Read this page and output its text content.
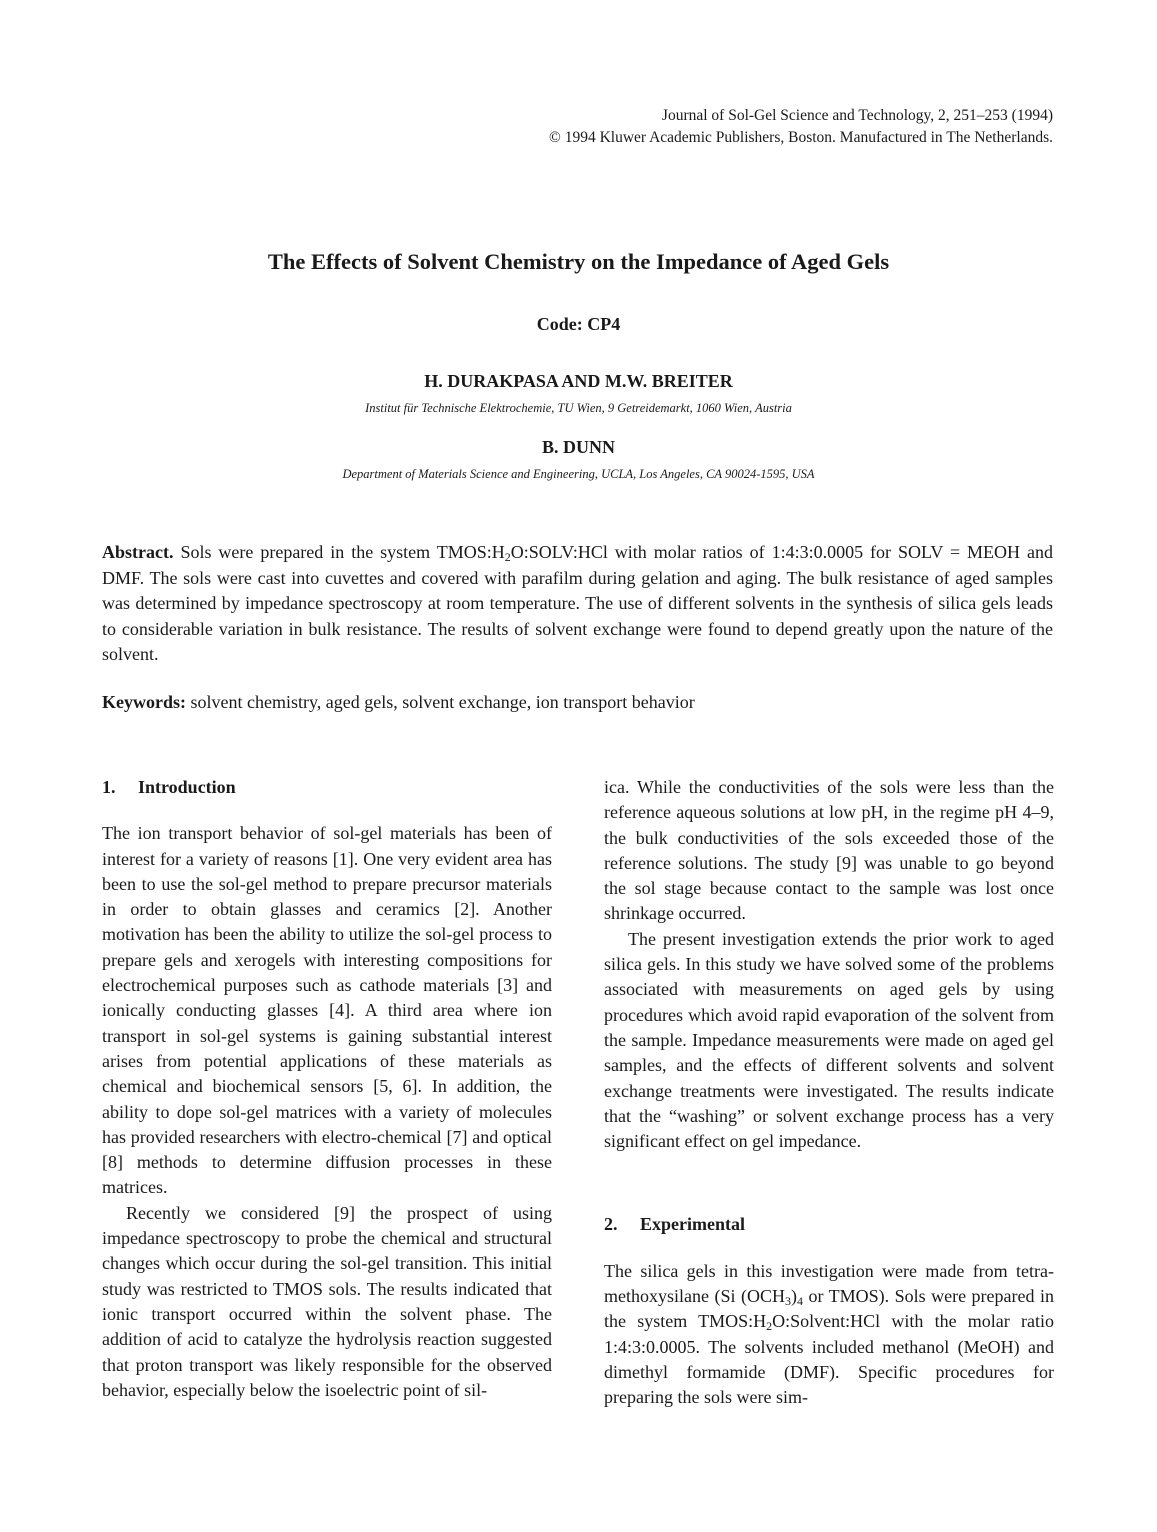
Journal of Sol-Gel Science and Technology, 2, 251–253 (1994)
© 1994 Kluwer Academic Publishers, Boston. Manufactured in The Netherlands.
The Effects of Solvent Chemistry on the Impedance of Aged Gels
Code: CP4
H. DURAKPASA AND M.W. BREITER
Institut für Technische Elektrochemie, TU Wien, 9 Getreidemarkt, 1060 Wien, Austria
B. DUNN
Department of Materials Science and Engineering, UCLA, Los Angeles, CA 90024-1595, USA
Abstract. Sols were prepared in the system $TMOS:H_2O:SOLV:HCl$ with molar ratios of 1:4:3:0.0005 for SOLV = MEOH and DMF. The sols were cast into cuvettes and covered with parafilm during gelation and aging. The bulk resistance of aged samples was determined by impedance spectroscopy at room temperature. The use of different solvents in the synthesis of silica gels leads to considerable variation in bulk resistance. The results of solvent exchange were found to depend greatly upon the nature of the solvent.
Keywords: solvent chemistry, aged gels, solvent exchange, ion transport behavior
1. Introduction

The ion transport behavior of sol-gel materials has been of interest for a variety of reasons [1]. One very evident area has been to use the sol-gel method to prepare precursor materials in order to obtain glasses and ceramics [2]. Another motivation has been the ability to utilize the sol-gel process to prepare gels and xerogels with interesting compositions for electrochemical purposes such as cathode materials [3] and ionically conducting glasses [4]. A third area where ion transport in sol-gel systems is gaining substantial interest arises from potential applications of these materials as chemical and biochemical sensors [5, 6]. In addition, the ability to dope sol-gel matrices with a variety of molecules has provided researchers with electro-chemical [7] and optical [8] methods to determine diffusion processes in these matrices.

Recently we considered [9] the prospect of using impedance spectroscopy to probe the chemical and structural changes which occur during the sol-gel transition. This initial study was restricted to TMOS sols. The results indicated that ionic transport occurred within the solvent phase. The addition of acid to catalyze the hydrolysis reaction suggested that proton transport was likely responsible for the observed behavior, especially below the isoelectric point of sil-

ica. While the conductivities of the sols were less than the reference aqueous solutions at low pH, in the regime pH 4–9, the bulk conductivities of the sols exceeded those of the reference solutions. The study [9] was unable to go beyond the sol stage because contact to the sample was lost once shrinkage occurred.

The present investigation extends the prior work to aged silica gels. In this study we have solved some of the problems associated with measurements on aged gels by using procedures which avoid rapid evaporation of the solvent from the sample. Impedance measurements were made on aged gel samples, and the effects of different solvents and solvent exchange treatments were investigated. The results indicate that the “washing” or solvent exchange process has a very significant effect on gel impedance.

2. Experimental

The silica gels in this investigation were made from tetra-methoxysilane (Si $(OCH_3)_4$ or TMOS). Sols were prepared in the system $TMOS:H_2O:Solvent:HCl$ with the molar ratio 1:4:3:0.0005. The solvents included methanol (MeOH) and dimethyl formamide (DMF). Specific procedures for preparing the sols were sim-
